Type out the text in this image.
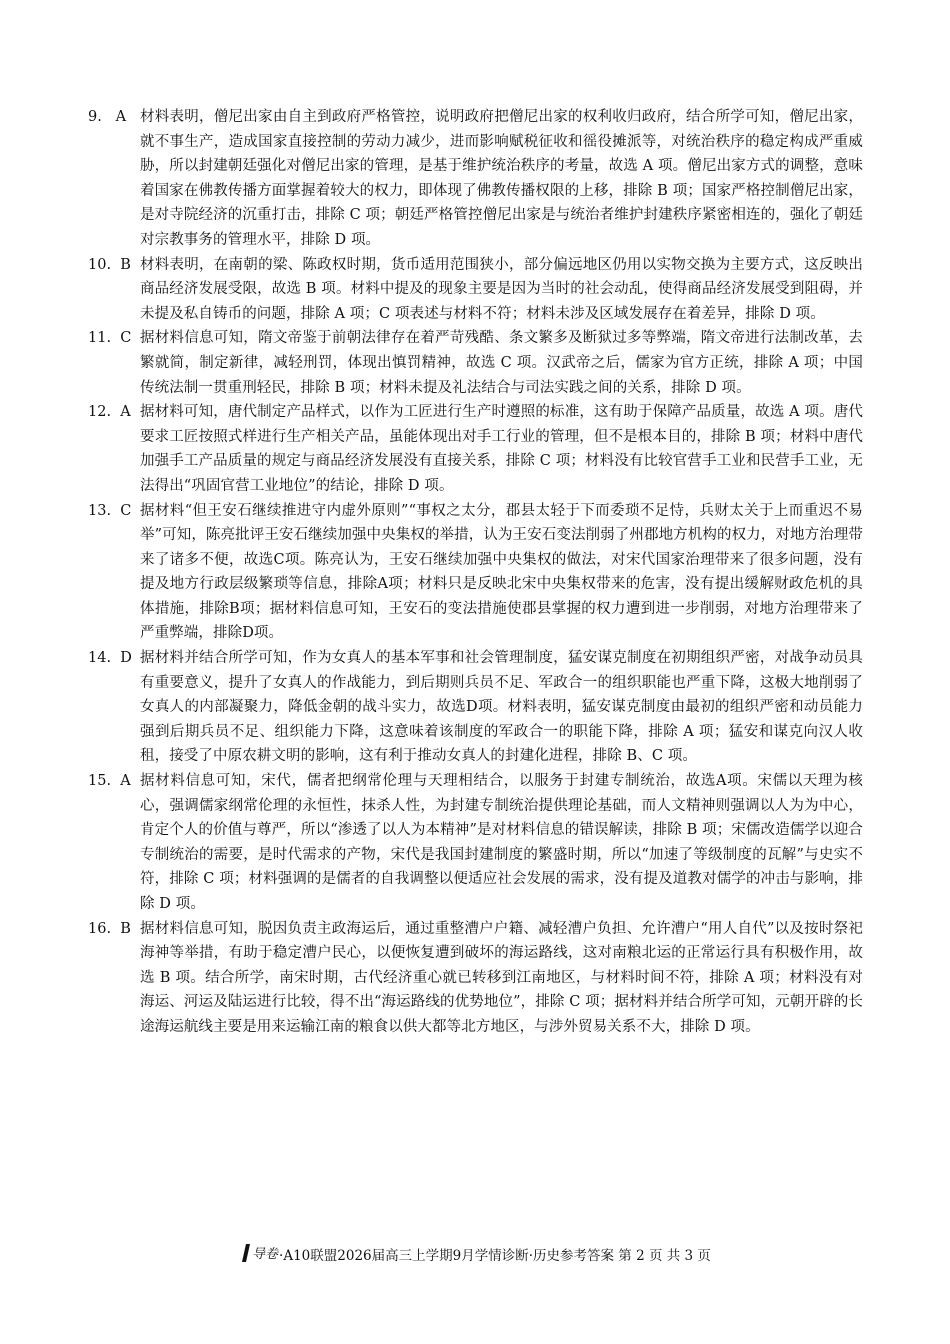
9. A 材料表明，僧尼出家由自主到政府严格管控，说明政府把僧尼出家的权利收归政府，结合所学可知，僧尼出家，就不事生产，造成国家直接控制的劳动力减少，进而影响赋税征收和徭役摊派等，对统治秩序的稳定构成严重威胁，所以封建朝廷强化对僧尼出家的管理，是基于维护统治秩序的考量，故选 A 项。僧尼出家方式的调整，意味着国家在佛教传播方面掌握着较大的权力，即体现了佛教传播权限的上移，排除 B 项；国家严格控制僧尼出家，是对寺院经济的沉重打击，排除 C 项；朝廷严格管控僧尼出家是与统治者维护封建秩序紧密相连的，强化了朝廷对宗教事务的管理水平，排除 D 项。
10. B 材料表明，在南朝的梁、陈政权时期，货币适用范围狭小，部分偏远地区仍用以实物交换为主要方式，这反映出商品经济发展受限，故选 B 项。材料中提及的现象主要是因为当时的社会动乱，使得商品经济发展受到阻碍，并未提及私自铸币的问题，排除 A 项；C 项表述与材料不符；材料未涉及区域发展存在着差异，排除 D 项。
11. C 据材料信息可知，隋文帝鉴于前朝法律存在着严苛残酷、条文繁多及断狱过多等弊端，隋文帝进行法制改革，去繁就简，制定新律，减轻刑罚，体现出慎罚精神，故选 C 项。汉武帝之后，儒家为官方正统，排除 A 项；中国传统法制一贯重刑轻民，排除 B 项；材料未提及礼法结合与司法实践之间的关系，排除 D 项。
12. A 据材料可知，唐代制定产品样式，以作为工匠进行生产时遵照的标准，这有助于保障产品质量，故选 A 项。唐代要求工匠按照式样进行生产相关产品，虽能体现出对手工行业的管理，但不是根本目的，排除 B 项；材料中唐代加强手工产品质量的规定与商品经济发展没有直接关系，排除 C 项；材料没有比较官营手工业和民营手工业，无法得出“巩固官营工业地位”的结论，排除 D 项。
13. C 据材料“但王安石继续推进守内虚外原则”“事权之太分，郡县太轻于下而委琐不足恃，兵财太关于上而重迟不易举”可知，陈亮批评王安石继续加强中央集权的举措，认为王安石变法削弱了州郡地方机构的权力，对地方治理带来了诸多不便，故选C项。陈亮认为，王安石继续加强中央集权的做法，对宋代国家治理带来了很多问题，没有提及地方行政层级繁琐等信息，排除A项；材料只是反映北宋中央集权带来的危害，没有提出缓解财政危机的具体措施，排除B项；据材料信息可知，王安石的变法措施使郡县掌握的权力遭到进一步削弱，对地方治理带来了严重弊端，排除D项。
14. D 据材料并结合所学可知，作为女真人的基本军事和社会管理制度，猛安谋克制度在初期组织严密，对战争动员具有重要意义，提升了女真人的作战能力，到后期则兵员不足、军政合一的组织职能也严重下降，这极大地削弱了女真人的内部凝聚力，降低金朝的战斗实力，故选D项。材料表明，猛安谋克制度由最初的组织严密和动员能力强到后期兵员不足、组织能力下降，这意味着该制度的军政合一的职能下降，排除 A 项；猛安和谋克向汉人收租，接受了中原农耕文明的影响，这有利于推动女真人的封建化进程，排除 B、C 项。
15. A 据材料信息可知，宋代，儒者把纲常伦理与天理相结合，以服务于封建专制统治，故选A项。宋儒以天理为核心，强调儒家纲常伦理的永恒性，抹杀人性，为封建专制统治提供理论基础，而人文精神则强调以人为为中心，肯定个人的价值与尊严，所以“渗透了以人为本精神”是对材料信息的错误解读，排除 B 项；宋儒改造儒学以迎合专制统治的需要，是时代需求的产物，宋代是我国封建制度的繁盛时期，所以“加速了等级制度的瓦解”与史实不符，排除 C 项；材料强调的是儒者的自我调整以便适应社会发展的需求，没有提及道教对儒学的冲击与影响，排除 D 项。
16. B 据材料信息可知，脱因负责主政海运后，通过重整漕户户籍、减轻漕户负担、允许漕户“用人自代”以及按时祭祀海神等举措，有助于稳定漕户民心，以便恢复遭到破坏的海运路线，这对南粮北运的正常运行具有积极作用，故选 B 项。结合所学，南宋时期，古代经济重心就已转移到江南地区，与材料时间不符，排除 A 项；材料没有对海运、河运及陆运进行比较，得不出“海运路线的优势地位”，排除 C 项；据材料并结合所学可知，元朝开辟的长途海运航线主要是用来运输江南的粮食以供大都等北方地区，与涉外贸易关系不大，排除 D 项。
导卷 ·A10联盟2026届高三上学期9月学情诊断·历史参考答案 第 2 页 共 3 页
